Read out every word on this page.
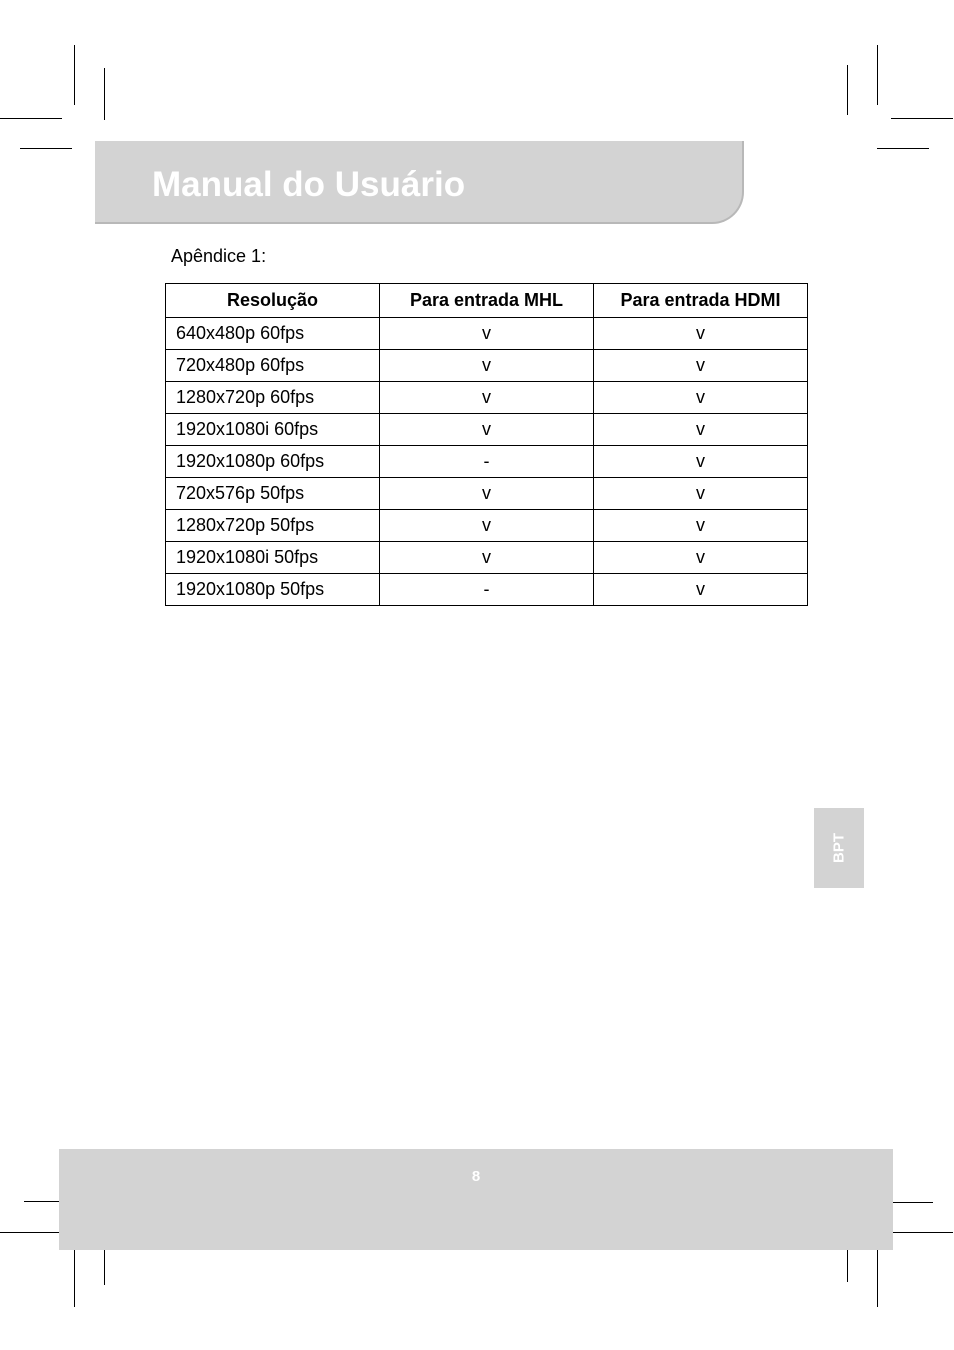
Manual do Usuário
Apêndice 1:
Resolução	Para entrada MHL	Para entrada HDMI
640x480p 60fps	v	v
720x480p 60fps	v	v
1280x720p 60fps	v	v
1920x1080i 60fps	v	v
1920x1080p 60fps	-	v
720x576p 50fps	v	v
1280x720p 50fps	v	v
1920x1080i 50fps	v	v
1920x1080p 50fps	-	v
BPT
8
